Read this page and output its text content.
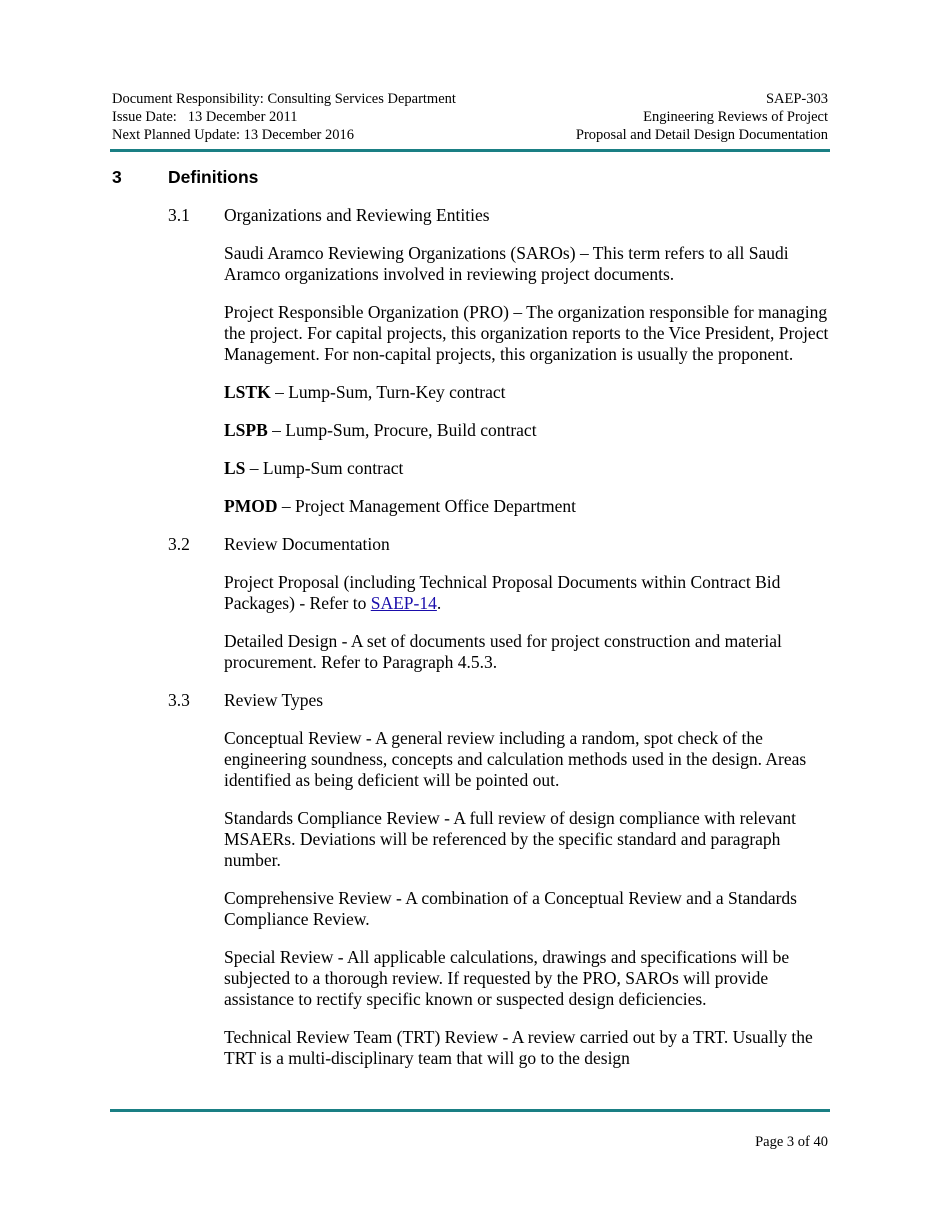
Document Responsibility: Consulting Services Department
Issue Date:   13 December 2011
Next Planned Update: 13 December 2016
SAEP-303
Engineering Reviews of Project
Proposal and Detail Design Documentation
3	Definitions
3.1	Organizations and Reviewing Entities

Saudi Aramco Reviewing Organizations (SAROs) – This term refers to all Saudi Aramco organizations involved in reviewing project documents.

Project Responsible Organization (PRO) – The organization responsible for managing the project. For capital projects, this organization reports to the Vice President, Project Management. For non-capital projects, this organization is usually the proponent.

LSTK – Lump-Sum, Turn-Key contract

LSPB – Lump-Sum, Procure, Build contract

LS – Lump-Sum contract

PMOD – Project Management Office Department

3.2	Review Documentation

Project Proposal (including Technical Proposal Documents within Contract Bid Packages) - Refer to SAEP-14.

Detailed Design - A set of documents used for project construction and material procurement. Refer to Paragraph 4.5.3.

3.3	Review Types

Conceptual Review - A general review including a random, spot check of the engineering soundness, concepts and calculation methods used in the design. Areas identified as being deficient will be pointed out.

Standards Compliance Review - A full review of design compliance with relevant MSAERs. Deviations will be referenced by the specific standard and paragraph number.

Comprehensive Review - A combination of a Conceptual Review and a Standards Compliance Review.

Special Review - All applicable calculations, drawings and specifications will be subjected to a thorough review. If requested by the PRO, SAROs will provide assistance to rectify specific known or suspected design deficiencies.

Technical Review Team (TRT) Review - A review carried out by a TRT. Usually the TRT is a multi-disciplinary team that will go to the design

Page 3 of 40
